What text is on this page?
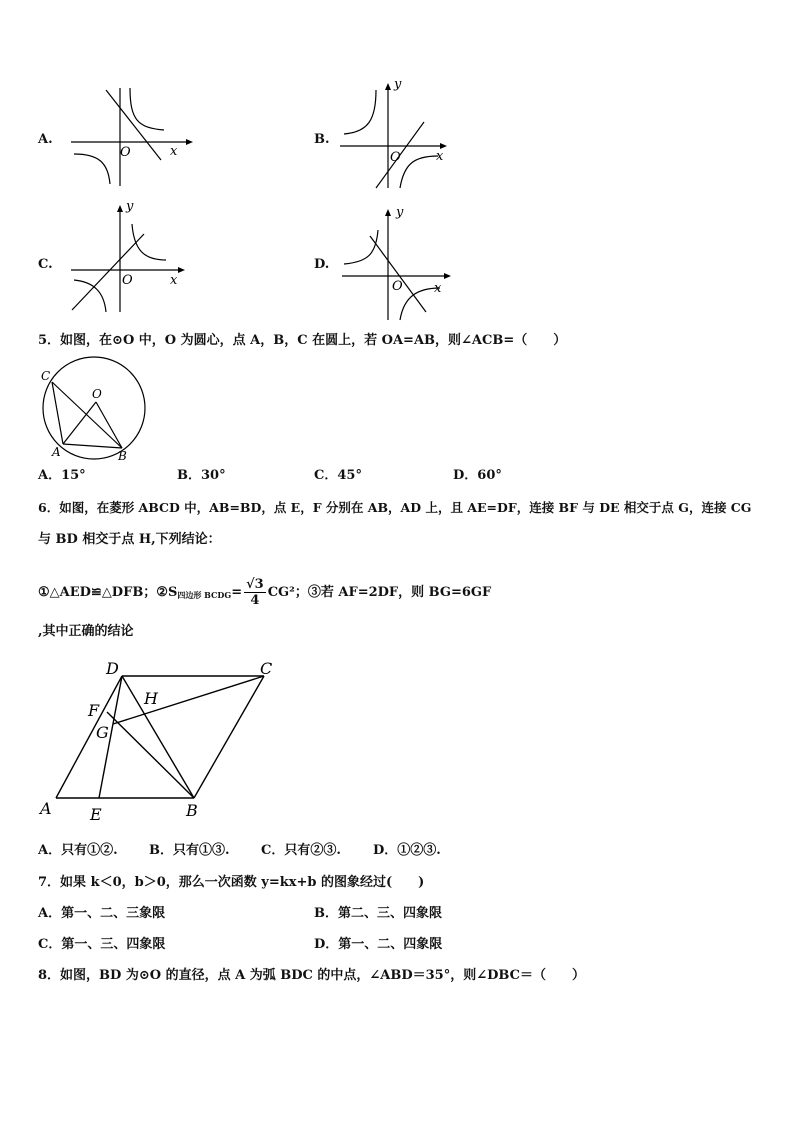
A.
O	x
B.
y
O	x
C.
y
O	x
D.
y
O x
5．如图，在⊙O 中，O 为圆心，点 A，B，C 在圆上，若 OA=AB，则∠ACB=（　　）
C
O
A	B
A．15°	B．30°	C．45°	D．60°
6．如图，在菱形 ABCD 中，AB=BD，点 E，F 分别在 AB，AD 上，且 AE=DF，连接 BF 与 DE 相交于点 G，连接 CG
与 BD 相交于点 H,下列结论：
①△AED≌△DFB；②S 四边形 BCDG = $\frac{√3}{4} CG^2$；③若 AF=2DF，则 BG=6GF
,其中正确的结论
D	C
F
H
G
A E	B
A．只有①②. B．只有①③. C．只有②③. D．①②③.
7．如果 k＜0，b＞0，那么一次函数 y=kx+b 的图象经过(　　)
A．第一、二、三象限	B．第二、三、四象限
C．第一、三、四象限	D．第一、二、四象限
8．如图，BD 为⊙O 的直径，点 A 为弧 BDC 的中点，∠ABD＝35°，则∠DBC＝（　　）
